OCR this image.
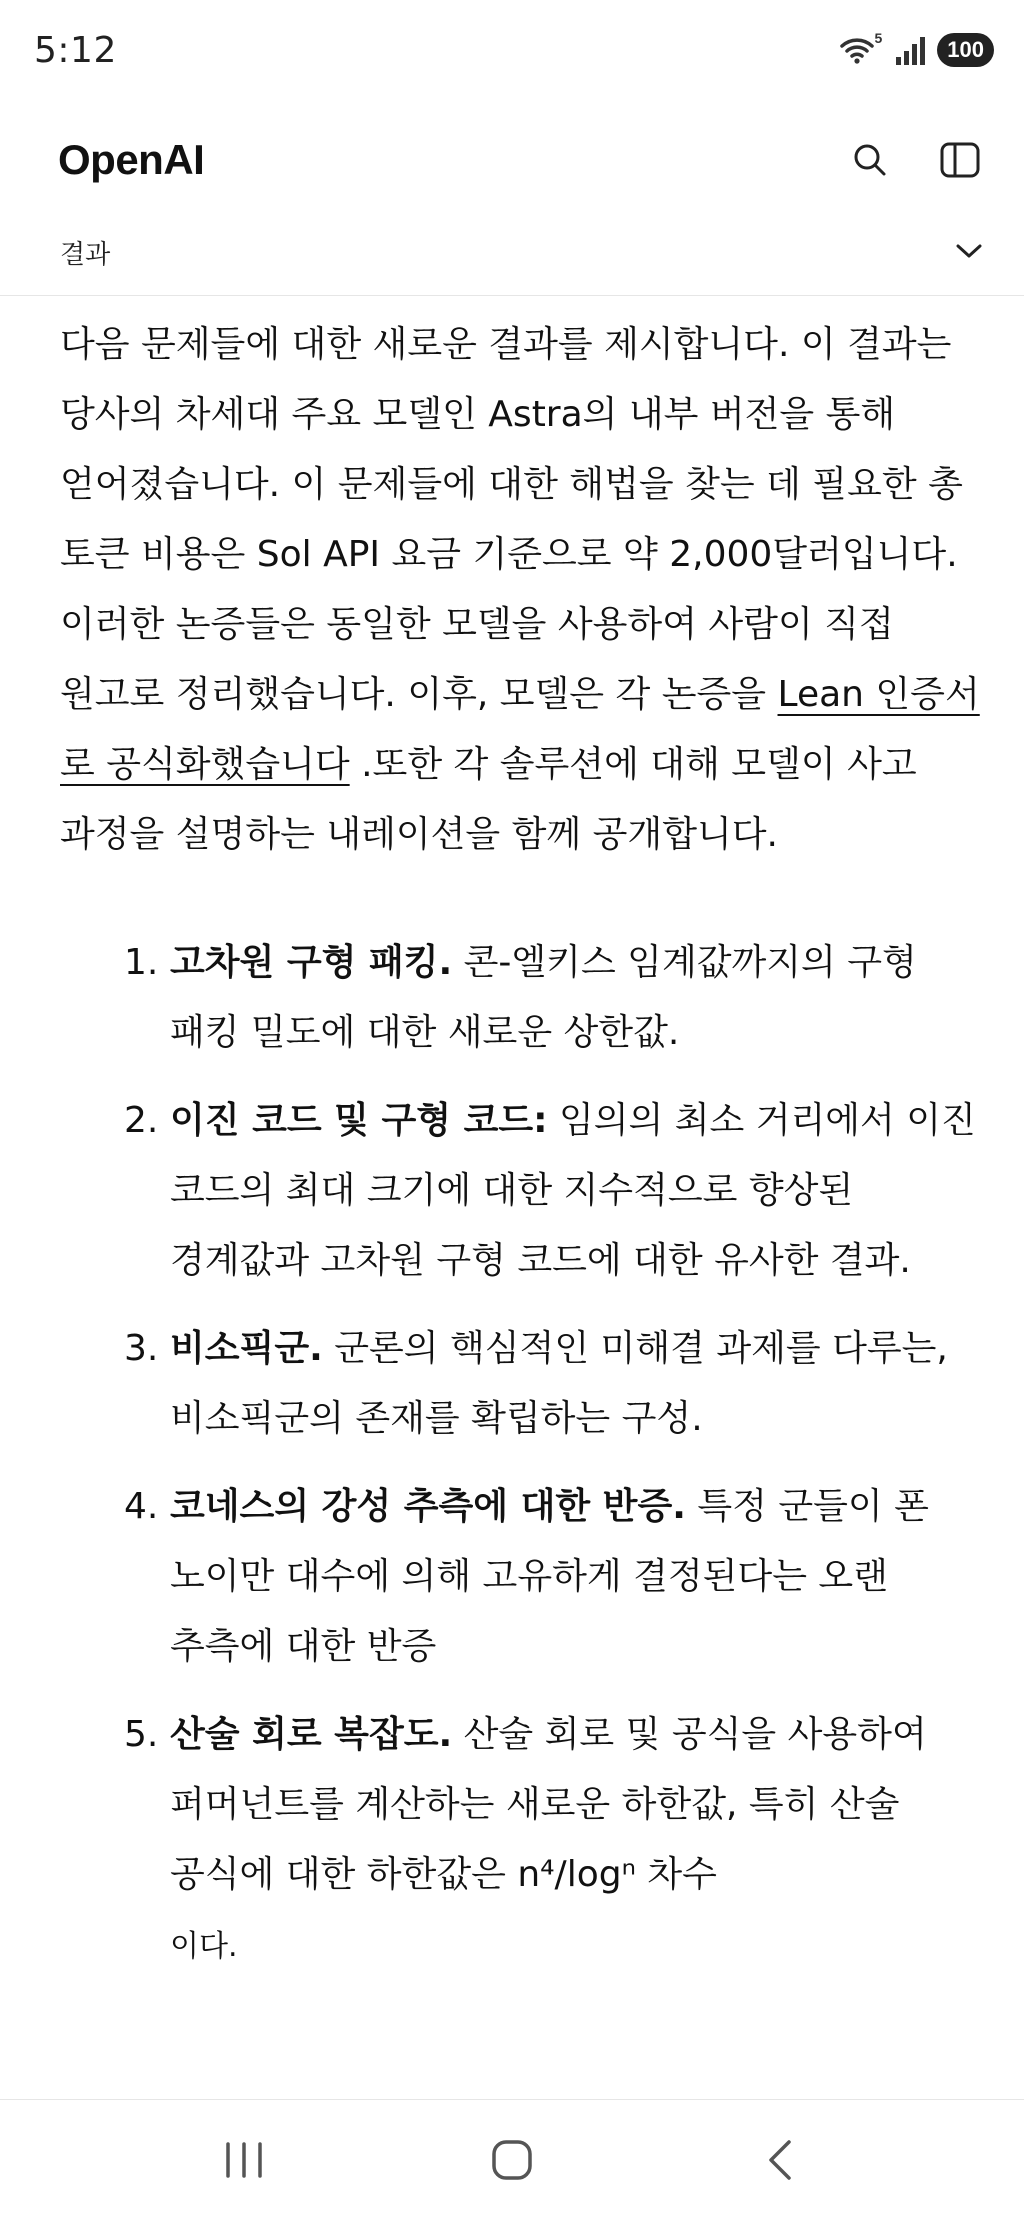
5:12	5	100
OpenAI
결과

다음 문제들에 대한 새로운 결과를 제시합니다. 이 결과는 당사의 차세대 주요 모델인 Astra의 내부 버전을 통해 얻어졌습니다. 이 문제들에 대한 해법을 찾는 데 필요한 총 토큰 비용은 Sol API 요금 기준으로 약 2,000달러입니다. 이러한 논증들은 동일한 모델을 사용하여 사람이 직접 원고로 정리했습니다. 이후, 모델은 각 논증을 Lean 인증서 로 공식화했습니다 .또한 각 솔루션에 대해 모델이 사고 과정을 설명하는 내레이션을 함께 공개합니다.

1. 고차원 구형 패킹. 콘-엘키스 임계값까지의 구형 패킹 밀도에 대한 새로운 상한값.
2. 이진 코드 및 구형 코드: 임의의 최소 거리에서 이진 코드의 최대 크기에 대한 지수적으로 향상된 경계값과 고차원 구형 코드에 대한 유사한 결과.
3. 비소픽군. 군론의 핵심적인 미해결 과제를 다루는, 비소픽군의 존재를 확립하는 구성.
4. 코네스의 강성 추측에 대한 반증. 특정 군들이 폰 노이만 대수에 의해 고유하게 결정된다는 오랜 추측에 대한 반증
5. 산술 회로 복잡도. 산술 회로 및 공식을 사용하여 퍼머넌트를 계산하는 새로운 하한값, 특히 산술 공식에 대한 하한값은 n⁴/logⁿ 차수
이다.
